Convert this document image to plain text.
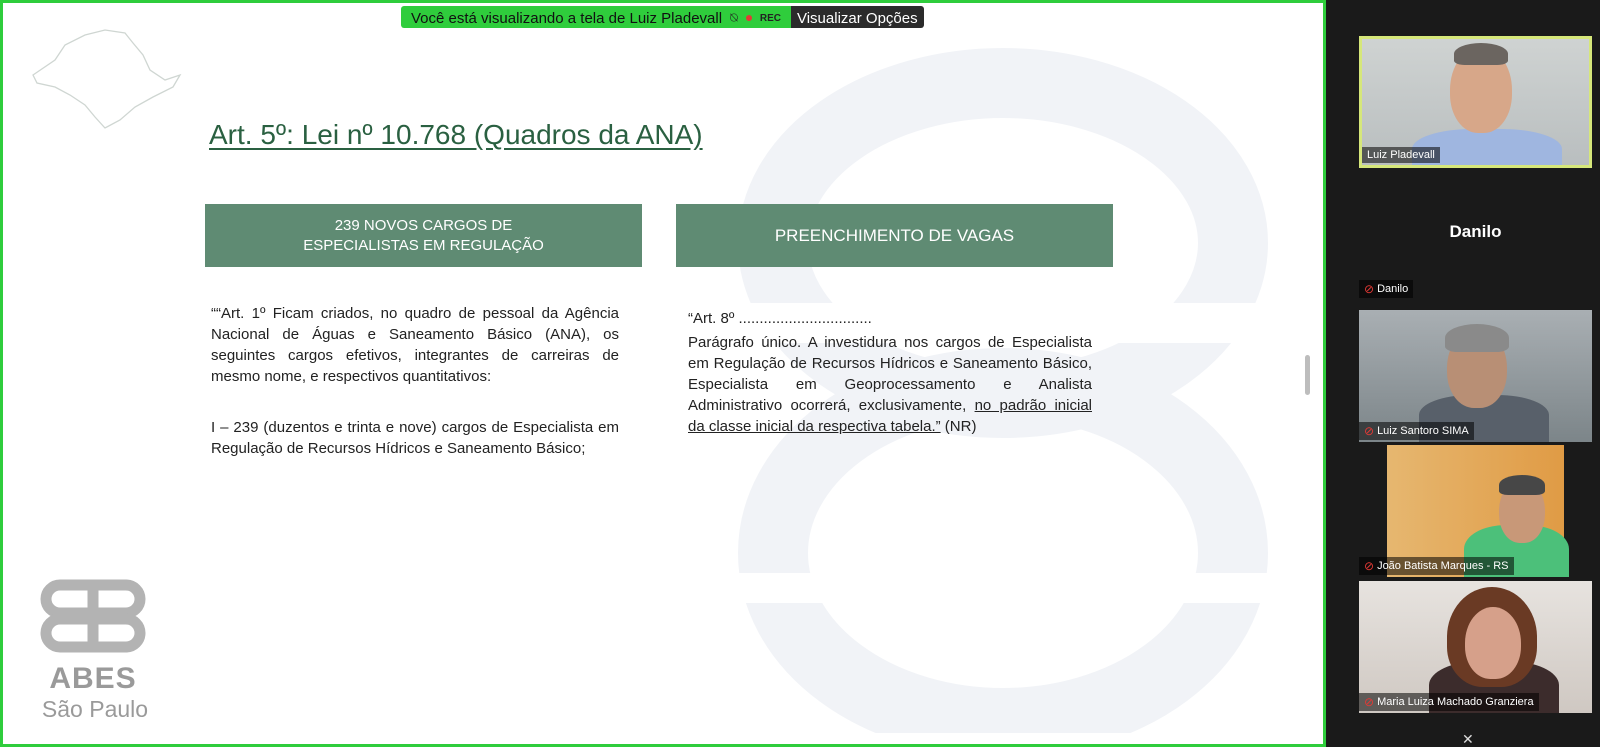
Art. 5º: Lei nº 10.768 (Quadros da ANA)
239 NOVOS CARGOS DE
ESPECIALISTAS EM REGULAÇÃO
PREENCHIMENTO DE VAGAS
““Art. 1º Ficam criados, no quadro de pessoal da Agência Nacional de Águas e Saneamento Básico (ANA), os seguintes cargos efetivos, integrantes de carreiras de mesmo nome, e respectivos quantitativos:
I – 239 (duzentos e trinta e nove) cargos de Especialista em Regulação de Recursos Hídricos e Saneamento Básico;
“Art. 8º ................................
Parágrafo único. A investidura nos cargos de Especialista em Regulação de Recursos Hídricos e Saneamento Básico, Especialista em Geoprocessamento e Analista Administrativo ocorrerá, exclusivamente, no padrão inicial da classe inicial da respectiva tabela.” (NR)
ABES
São Paulo
Você está visualizando a tela de Luiz Pladevall ⍉ REC	Visualizar Opções
Luiz Pladevall
Danilo
⊘ Danilo
⊘ Luiz Santoro SIMA
⊘ João Batista Marques - RS
⊘ Maria Luiza Machado Granziera
✕
